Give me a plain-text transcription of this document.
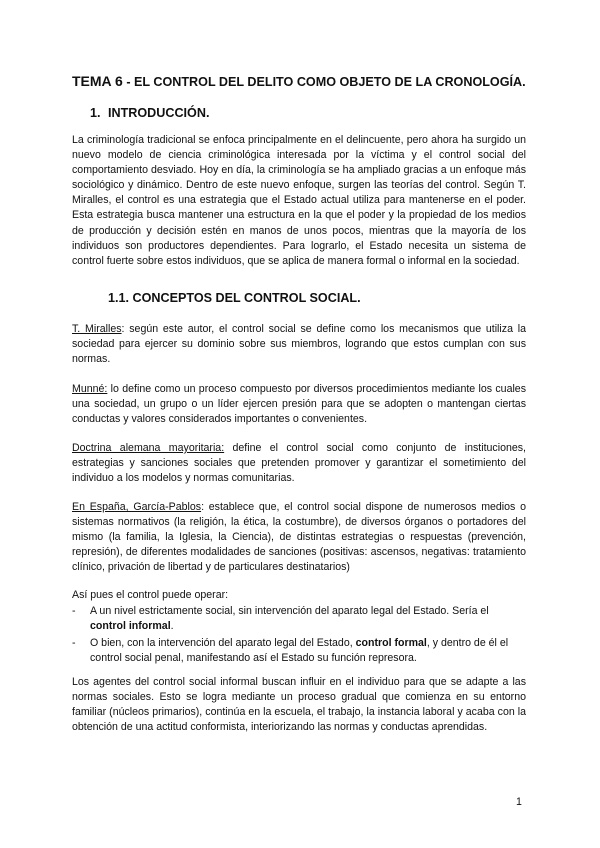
TEMA 6 - EL CONTROL DEL DELITO COMO OBJETO DE LA CRONOLOGÍA.
1. INTRODUCCIÓN.

La criminología tradicional se enfoca principalmente en el delincuente, pero ahora ha surgido un nuevo modelo de ciencia criminológica interesada por la víctima y el control social del comportamiento desviado. Hoy en día, la criminología se ha ampliado gracias a un enfoque más sociológico y dinámico. Dentro de este nuevo enfoque, surgen las teorías del control. Según T. Miralles, el control es una estrategia que el Estado actual utiliza para mantenerse en el poder. Esta estrategia busca mantener una estructura en la que el poder y la propiedad de los medios de producción y decisión estén en manos de unos pocos, mientras que la mayoría de los individuos son productores dependientes. Para lograrlo, el Estado necesita un sistema de control fuerte sobre estos individuos, que se aplica de manera formal o informal en la sociedad.

1.1. CONCEPTOS DEL CONTROL SOCIAL.

T. Miralles: según este autor, el control social se define como los mecanismos que utiliza la sociedad para ejercer su dominio sobre sus miembros, logrando que estos cumplan con sus normas.

Munné: lo define como un proceso compuesto por diversos procedimientos mediante los cuales una sociedad, un grupo o un líder ejercen presión para que se adopten o mantengan ciertas conductas y valores considerados importantes o convenientes.

Doctrina alemana mayoritaria: define el control social como conjunto de instituciones, estrategias y sanciones sociales que pretenden promover y garantizar el sometimiento del individuo a los modelos y normas comunitarias.

En España, García-Pablos: establece que, el control social dispone de numerosos medios o sistemas normativos (la religión, la ética, la costumbre), de diversos órganos o portadores del mismo (la familia, la Iglesia, la Ciencia), de distintas estrategias o respuestas (prevención, represión), de diferentes modalidades de sanciones (positivas: ascensos, negativas: tratamiento clínico, privación de libertad y de particulares destinatarios)

Así pues el control puede operar:

- A un nivel estrictamente social, sin intervención del aparato legal del Estado. Sería el control informal.
- O bien, con la intervención del aparato legal del Estado, control formal, y dentro de él el control social penal, manifestando así el Estado su función represora.

Los agentes del control social informal buscan influir en el individuo para que se adapte a las normas sociales. Esto se logra mediante un proceso gradual que comienza en su entorno familiar (núcleos primarios), continúa en la escuela, el trabajo, la instancia laboral y acaba con la obtención de una actitud conformista, interiorizando las normas y conductas aprendidas.

1
